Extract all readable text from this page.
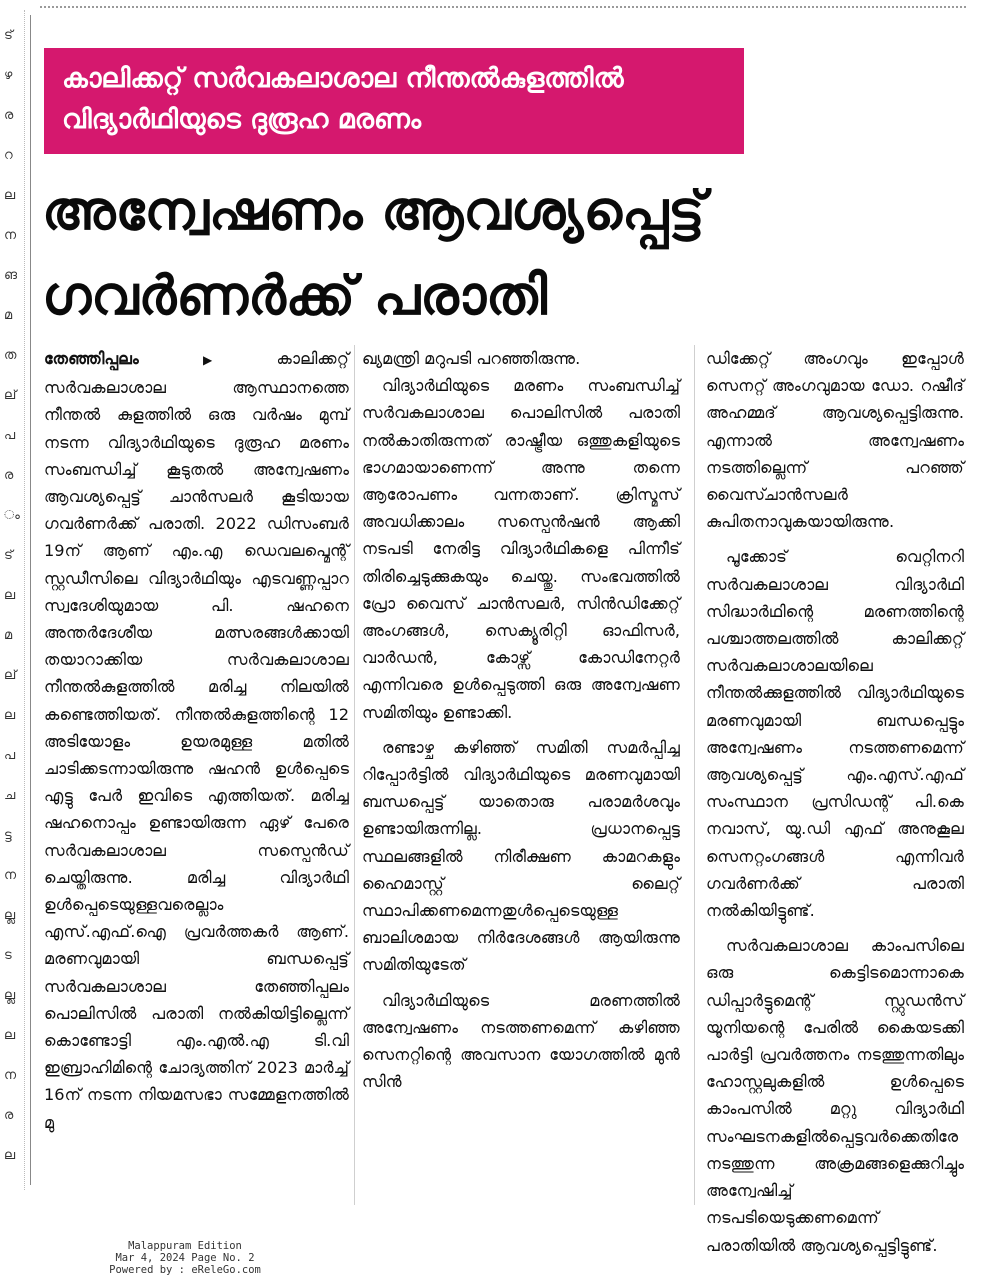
ട്
ഴ
ര
റ
ല
ന
ങ
മ
ത
ല്
പ
ര
ം
ട്
ല
മ
ല്
ല
പ
ച
ട്ട
ന
ല്ല
ട
ല്ല
ല
ന
ര
ല
കാലിക്കറ്റ് സർവകലാശാല നീന്തൽകുളത്തിൽ
വിദ്യാർഥിയുടെ ദുരൂഹ മരണം
അന്വേഷണം ആവശ്യപ്പെട്ട്
ഗവർണർക്ക് പരാതി

തേഞ്ഞിപ്പലം ▶ കാലിക്കറ്റ് സർവകലാശാല ആസ്ഥാനത്തെ നീന്തൽ കുളത്തിൽ ഒരു വർഷം മുമ്പ് നടന്ന വിദ്യാർഥിയുടെ ദുരൂഹ മരണം സംബന്ധിച്ച് കൂടുതൽ അന്വേഷണം ആവശ്യപ്പെട്ട് ചാൻസലർ കൂടിയായ ഗവർണർക്ക് പരാതി. 2022 ഡിസംബർ 19ന് ആണ് എം.എ ഡെവലപ്മെന്റ് സ്റ്റഡീസിലെ വിദ്യാർഥിയും എടവണ്ണപ്പാറ സ്വദേശിയുമായ പി. ഷഹനെ അന്തർദേശീയ മത്സരങ്ങൾക്കായി തയാറാക്കിയ സർവകലാശാല നീന്തൽകുളത്തിൽ മരിച്ച നിലയിൽ കണ്ടെത്തിയത്. നീന്തൽകുളത്തിന്റെ 12 അടിയോളം ഉയരമുള്ള മതിൽ ചാടിക്കടന്നായിരുന്നു ഷഹൻ ഉൾപ്പെടെ എട്ടു പേർ ഇവിടെ എത്തിയത്. മരിച്ച ഷഹനൊപ്പം ഉണ്ടായിരുന്ന ഏഴ് പേരെ സർവകലാശാല സസ്പെൻഡ് ചെയ്തിരുന്നു. മരിച്ച വിദ്യാർഥി ഉൾപ്പെടെയുള്ളവരെല്ലാം എസ്.എഫ്.ഐ പ്രവർത്തകർ ആണ്. മരണവുമായി ബന്ധപ്പെട്ട് സർവകലാശാല തേഞ്ഞിപ്പലം പൊലിസിൽ പരാതി നൽകിയിട്ടില്ലെന്ന് കൊണ്ടോട്ടി എം.എൽ.എ ടി.വി ഇബ്രാഹിമിന്റെ ചോദ്യത്തിന് 2023 മാർച്ച് 16ന് നടന്ന നിയമസഭാ സമ്മേളനത്തിൽ മു

ഖ്യമന്ത്രി മറുപടി പറഞ്ഞിരുന്നു.

വിദ്യാർഥിയുടെ മരണം സംബന്ധിച്ച് സർവകലാശാല പൊലിസിൽ പരാതി നൽകാതിരുന്നത് രാഷ്ട്രീയ ഒത്തുകളിയുടെ ഭാഗമായാണെന്ന് അന്നു തന്നെ ആരോപണം വന്നതാണ്. ക്രിസ്മസ് അവധിക്കാലം സസ്പെൻഷൻ ആക്കി നടപടി നേരിട്ട വിദ്യാർഥികളെ പിന്നീട് തിരിച്ചെടുക്കുകയും ചെയ്തു. സംഭവത്തിൽ പ്രോ വൈസ് ചാൻസലർ, സിൻഡിക്കേറ്റ് അംഗങ്ങൾ, സെക്യൂരിറ്റി ഓഫിസർ, വാർഡൻ, കോഴ്സ് കോഡിനേറ്റർ എന്നിവരെ ഉൾപ്പെടുത്തി ഒരു അന്വേഷണ സമിതിയും ഉണ്ടാക്കി.

രണ്ടാഴ്ച കഴിഞ്ഞ് സമിതി സമർപ്പിച്ച റിപ്പോർട്ടിൽ വിദ്യാർഥിയുടെ മരണവുമായി ബന്ധപ്പെട്ട് യാതൊരു പരാമർശവും ഉണ്ടായിരുന്നില്ല. പ്രധാനപ്പെട്ട സ്ഥലങ്ങളിൽ നിരീക്ഷണ കാമറകളും ഹൈമാസ്റ്റ് ലൈറ്റ് സ്ഥാപിക്കണമെന്നതുൾപ്പെടെയുള്ള ബാലിശമായ നിർദേശങ്ങൾ ആയിരുന്നു സമിതിയുടേത്

വിദ്യാർഥിയുടെ മരണത്തിൽ അന്വേഷണം നടത്തണമെന്ന് കഴിഞ്ഞ സെനറ്റിന്റെ അവസാന യോഗത്തിൽ മുൻ സിൻ

ഡിക്കേറ്റ് അംഗവും ഇപ്പോൾ സെനറ്റ് അംഗവുമായ ഡോ. റഷീദ് അഹമ്മദ് ആവശ്യപ്പെട്ടിരുന്നു. എന്നാൽ അന്വേഷണം നടത്തില്ലെന്ന് പറഞ്ഞ് വൈസ്ചാൻസലർ കുപിതനാവുകയായിരുന്നു.

പൂക്കോട് വെറ്റിനറി സർവകലാശാല വിദ്യാർഥി സിദ്ധാർഥിന്റെ മരണത്തിന്റെ പശ്ചാത്തലത്തിൽ കാലിക്കറ്റ് സർവകലാശാലയിലെ നീന്തൽക്കുളത്തിൽ വിദ്യാർഥിയുടെ മരണവുമായി ബന്ധപ്പെട്ടും അന്വേഷണം നടത്തണമെന്ന് ആവശ്യപ്പെട്ട് എം.എസ്.എഫ് സംസ്ഥാന പ്രസിഡന്റ് പി.കെ നവാസ്, യു.ഡി എഫ് അനുകൂല സെനറ്റംഗങ്ങൾ എന്നിവർ ഗവർണർക്ക് പരാതി നൽകിയിട്ടുണ്ട്.

സർവകലാശാല കാംപസിലെ ഒരു കെട്ടിടമൊന്നാകെ ഡിപ്പാർട്ടുമെന്റ് സ്റ്റുഡൻസ് യൂനിയന്റെ പേരിൽ കൈയടക്കി പാർട്ടി പ്രവർത്തനം നടത്തുന്നതിലും ഹോസ്റ്റലുകളിൽ ഉൾപ്പെടെ കാംപസിൽ മറ്റു വിദ്യാർഥി സംഘടനകളിൽപ്പെട്ടവർക്കെതിരേ നടത്തുന്ന അക്രമങ്ങളെക്കുറിച്ചും അന്വേഷിച്ച് നടപടിയെടുക്കണമെന്ന് പരാതിയിൽ ആവശ്യപ്പെട്ടിട്ടുണ്ട്.

Malappuram Edition
Mar 4, 2024 Page No. 2
Powered by : eReleGo.com
